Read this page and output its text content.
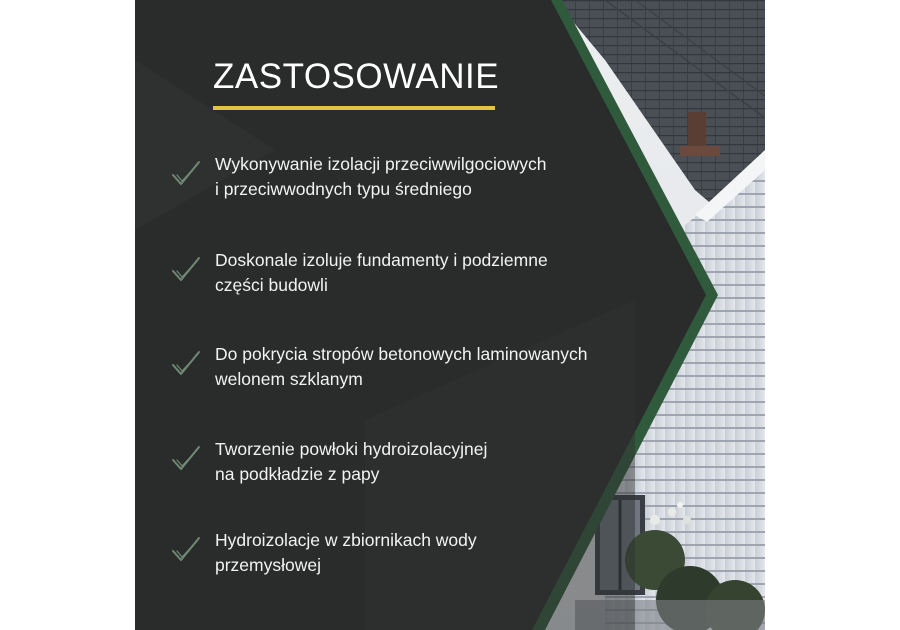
ZASTOSOWANIE
Wykonywanie izolacji przeciwwilgociowych
i przeciwwodnych typu średniego
Doskonale izoluje fundamenty i podziemne
części budowli
Do pokrycia stropów betonowych laminowanych
welonem szklanym
Tworzenie powłoki hydroizolacyjnej
na podkładzie z papy
Hydroizolacje w zbiornikach wody
przemysłowej
